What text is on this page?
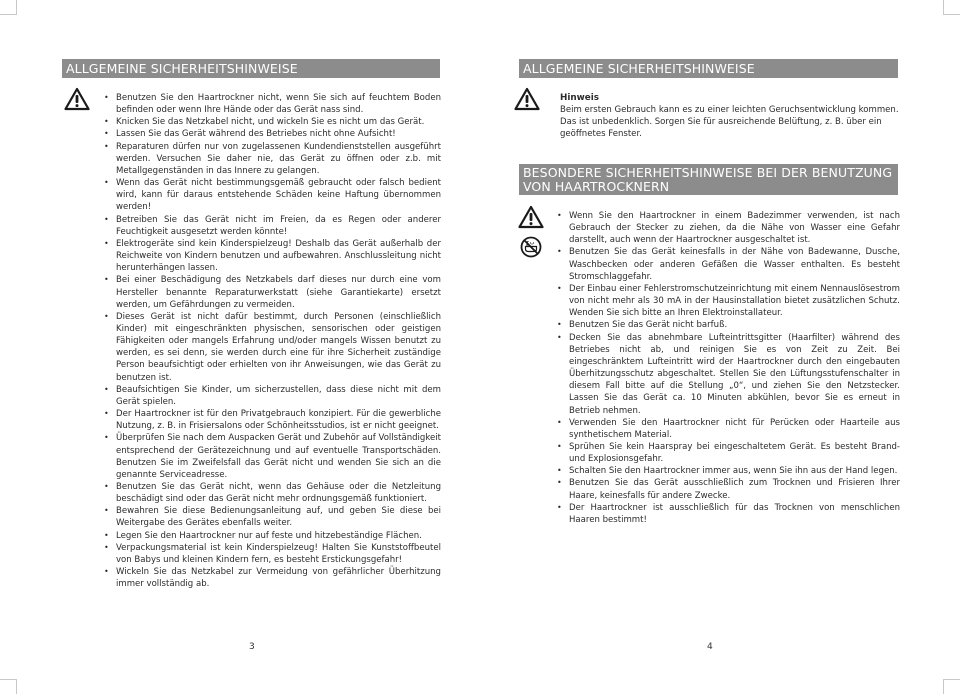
ALLGEMEINE SICHERHEITSHINWEISE
• Benutzen Sie den Haartrockner nicht, wenn Sie sich auf feuchtem Boden befinden oder wenn Ihre Hände oder das Gerät nass sind.
• Knicken Sie das Netzkabel nicht, und wickeln Sie es nicht um das Gerät.
• Lassen Sie das Gerät während des Betriebes nicht ohne Aufsicht!
• Reparaturen dürfen nur von zugelassenen Kundendienststellen ausgeführt werden. Versuchen Sie daher nie, das Gerät zu öffnen oder z.b. mit Metallgegenständen in das Innere zu gelangen.
• Wenn das Gerät nicht bestimmungsgemäß gebraucht oder falsch bedient wird, kann für daraus entstehende Schäden keine Haftung übernommen werden!
• Betreiben Sie das Gerät nicht im Freien, da es Regen oder anderer Feuchtigkeit ausgesetzt werden könnte!
• Elektrogeräte sind kein Kinderspielzeug! Deshalb das Gerät außerhalb der Reichweite von Kindern benutzen und aufbewahren. Anschlussleitung nicht herunterhängen lassen.
• Bei einer Beschädigung des Netzkabels darf dieses nur durch eine vom Hersteller benannte Reparaturwerkstatt (siehe Garantiekarte) ersetzt werden, um Gefährdungen zu vermeiden.
• Dieses Gerät ist nicht dafür bestimmt, durch Personen (einschließlich Kinder) mit eingeschränkten physischen, sensorischen oder geistigen Fähigkeiten oder mangels Erfahrung und/oder mangels Wissen benutzt zu werden, es sei denn, sie werden durch eine für ihre Sicherheit zuständige Person beaufsichtigt oder erhielten von ihr Anweisungen, wie das Gerät zu benutzen ist.
• Beaufsichtigen Sie Kinder, um sicherzustellen, dass diese nicht mit dem Gerät spielen.
• Der Haartrockner ist für den Privatgebrauch konzipiert. Für die gewerbliche Nutzung, z. B. in Frisiersalons oder Schönheitsstudios, ist er nicht geeignet.
• Überprüfen Sie nach dem Auspacken Gerät und Zubehör auf Vollständigkeit entsprechend der Gerätezeichnung und auf eventuelle Transportschäden. Benutzen Sie im Zweifelsfall das Gerät nicht und wenden Sie sich an die genannte Serviceadresse.
• Benutzen Sie das Gerät nicht, wenn das Gehäuse oder die Netzleitung beschädigt sind oder das Gerät nicht mehr ordnungsgemäß funktioniert.
• Bewahren Sie diese Bedienungsanleitung auf, und geben Sie diese bei Weitergabe des Gerätes ebenfalls weiter.
• Legen Sie den Haartrockner nur auf feste und hitzebeständige Flächen.
• Verpackungsmaterial ist kein Kinderspielzeug! Halten Sie Kunststoffbeutel von Babys und kleinen Kindern fern, es besteht Erstickungsgefahr!
• Wickeln Sie das Netzkabel zur Vermeidung von gefährlicher Überhitzung immer vollständig ab.
3
ALLGEMEINE SICHERHEITSHINWEISE
Hinweis
Beim ersten Gebrauch kann es zu einer leichten Geruchsentwicklung kommen. Das ist unbedenklich. Sorgen Sie für ausreichende Belüftung, z. B. über ein geöffnetes Fenster.
BESONDERE SICHERHEITSHINWEISE BEI DER BENUTZUNG
VON HAARTROCKNERN
• Wenn Sie den Haartrockner in einem Badezimmer verwenden, ist nach Gebrauch der Stecker zu ziehen, da die Nähe von Wasser eine Gefahr darstellt, auch wenn der Haartrockner ausgeschaltet ist.
• Benutzen Sie das Gerät keinesfalls in der Nähe von Badewanne, Dusche, Waschbecken oder anderen Gefäßen die Wasser enthalten. Es besteht Stromschlaggefahr.
• Der Einbau einer Fehlerstromschutzeinrichtung mit einem Nennauslösestrom von nicht mehr als 30 mA in der Hausinstallation bietet zusätzlichen Schutz. Wenden Sie sich bitte an Ihren Elektroinstallateur.
• Benutzen Sie das Gerät nicht barfuß.
• Decken Sie das abnehmbare Lufteintrittsgitter (Haarfilter) während des Betriebes nicht ab, und reinigen Sie es von Zeit zu Zeit. Bei eingeschränktem Lufteintritt wird der Haartrockner durch den eingebauten Überhitzungsschutz abgeschaltet. Stellen Sie den Lüftungsstufenschalter in diesem Fall bitte auf die Stellung „0“, und ziehen Sie den Netzstecker. Lassen Sie das Gerät ca. 10 Minuten abkühlen, bevor Sie es erneut in Betrieb nehmen.
• Verwenden Sie den Haartrockner nicht für Perücken oder Haarteile aus synthetischem Material.
• Sprühen Sie kein Haarspray bei eingeschaltetem Gerät. Es besteht Brand-und Explosionsgefahr.
• Schalten Sie den Haartrockner immer aus, wenn Sie ihn aus der Hand legen.
• Benutzen Sie das Gerät ausschließlich zum Trocknen und Frisieren Ihrer Haare, keinesfalls für andere Zwecke.
• Der Haartrockner ist ausschließlich für das Trocknen von menschlichen Haaren bestimmt!
4
